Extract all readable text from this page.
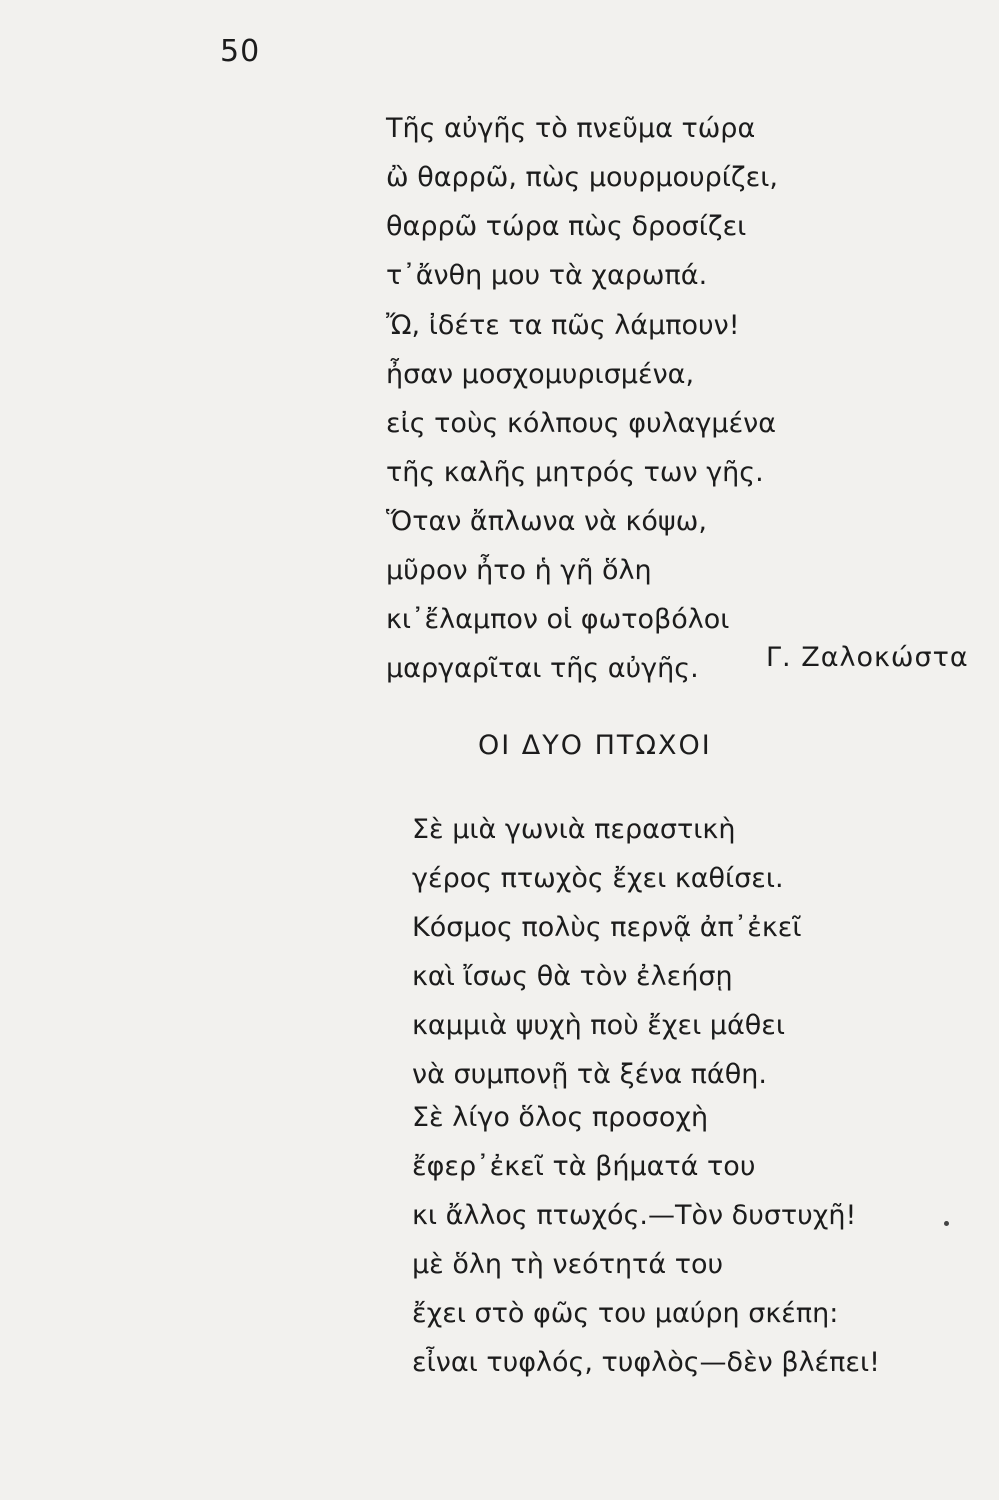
50
Τῆς αὐγῆς τὸ πνεῦμα τώρα
ὢ θαρρῶ, πὼς μουρμουρίζει,
θαρρῶ τώρα πὼς δροσίζει
τ᾽ἄνθη μου τὰ χαρωπά.
Ὤ, ἰδέτε τα πῶς λάμπουν!
ἦσαν μοσχομυρισμένα,
εἰς τοὺς κόλπους φυλαγμένα
τῆς καλῆς μητρός των γῆς.
Ὅταν ἄπλωνα νὰ κόψω,
μῦρον ἦτο ἡ γῆ ὅλη
κι᾽ἔλαμπον οἱ φωτοβόλοι
μαργαρῖται τῆς αὐγῆς.	Γ. Ζαλοκώστα
ΟΙ ΔΥΟ ΠΤΩΧΟΙ
Σὲ μιὰ γωνιὰ περαστικὴ
γέρος πτωχὸς ἔχει καθίσει.
Κόσμος πολὺς περνᾷ ἀπ᾽ἐκεῖ
καὶ ἴσως θὰ τὸν ἐλεήσῃ
καμμιὰ ψυχὴ ποὺ ἔχει μάθει
νὰ συμπονῇ τὰ ξένα πάθη.
Σὲ λίγο ὅλος προσοχὴ
ἔφερ᾽ἐκεῖ τὰ βήματά του
κι ἄλλος πτωχός.—Τὸν δυστυχῆ!
μὲ ὅλη τὴ νεότητά του
ἔχει στὸ φῶς του μαύρη σκέπη:
εἶναι τυφλός, τυφλὸς—δὲν βλέπει!
